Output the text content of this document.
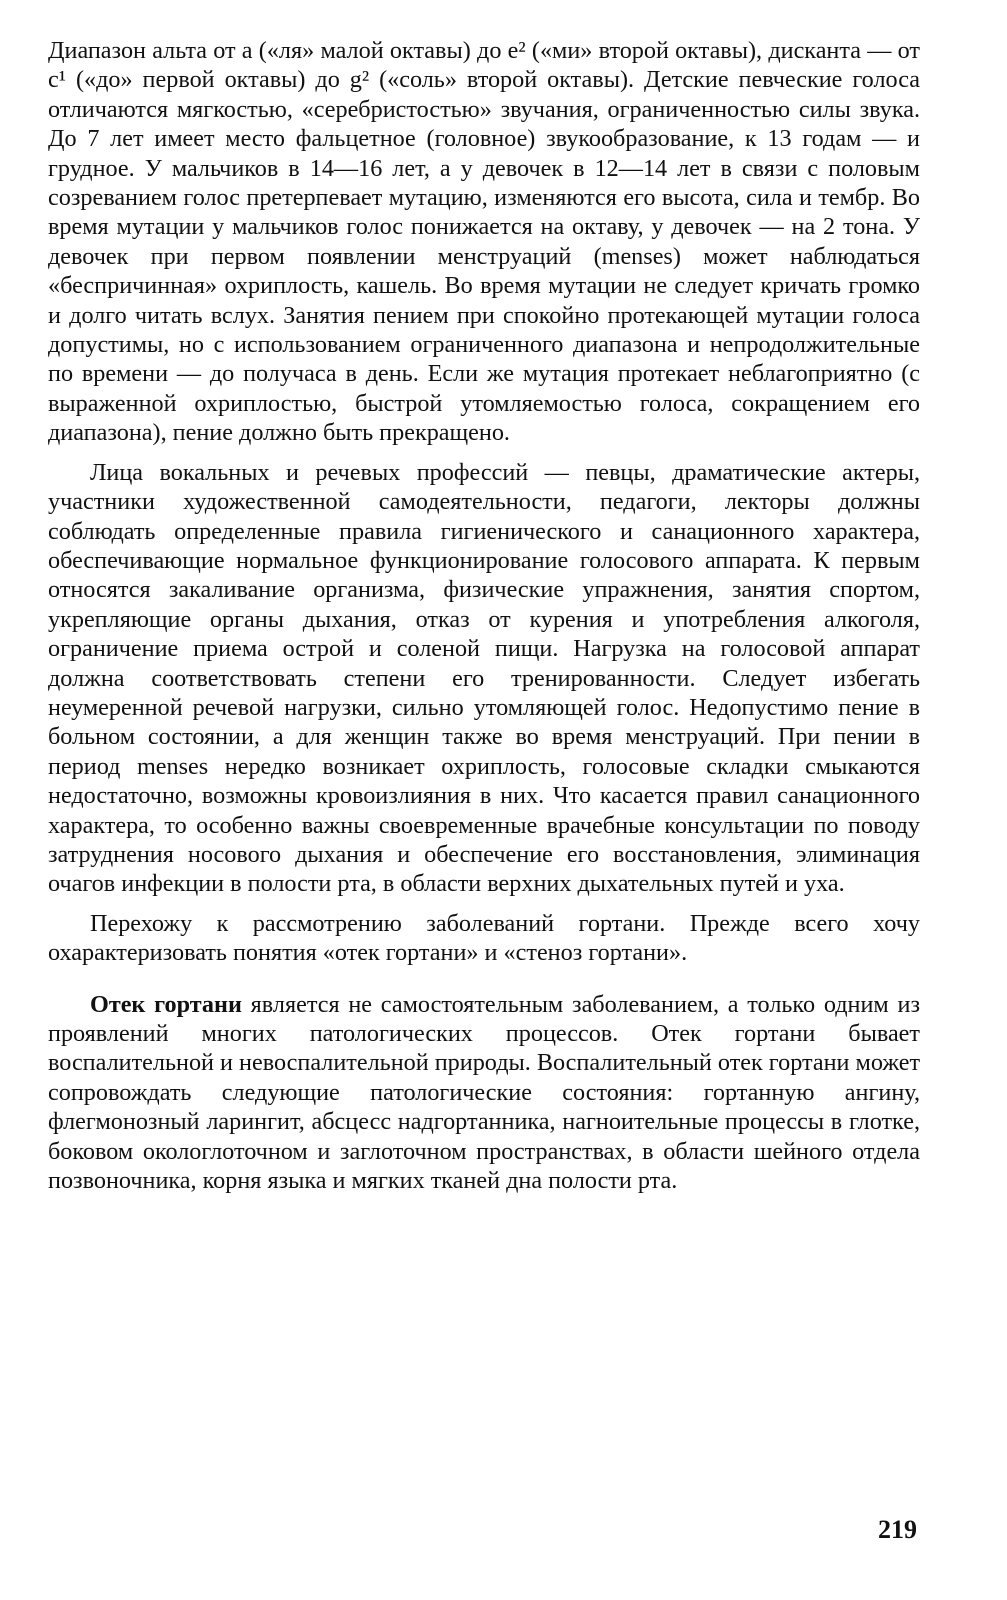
Диапазон альта от a («ля» малой октавы) до e² («ми» второй октавы), дисканта — от c¹ («до» первой октавы) до g² («соль» второй октавы). Детские певческие голоса отличаются мягкостью, «серебристостью» звучания, ограниченностью силы звука. До 7 лет имеет место фальцетное (головное) звукообразование, к 13 годам — и грудное. У мальчиков в 14—16 лет, а у девочек в 12—14 лет в связи с половым созреванием голос претерпевает мутацию, изменяются его высота, сила и тембр. Во время мутации у мальчиков голос понижается на октаву, у девочек — на 2 тона. У девочек при первом появлении менструаций (menses) может наблюдаться «беспричинная» охриплость, кашель. Во время мутации не следует кричать громко и долго читать вслух. Занятия пением при спокойно протекающей мутации голоса допустимы, но с использованием ограниченного диапазона и непродолжительные по времени — до получаса в день. Если же мутация протекает неблагоприятно (с выраженной охриплостью, быстрой утомляемостью голоса, сокращением его диапазона), пение должно быть прекращено.

Лица вокальных и речевых профессий — певцы, драматические актеры, участники художественной самодеятельности, педагоги, лекторы должны соблюдать определенные правила гигиенического и санационного характера, обеспечивающие нормальное функционирование голосового аппарата. К первым относятся закаливание организма, физические упражнения, занятия спортом, укрепляющие органы дыхания, отказ от курения и употребления алкоголя, ограничение приема острой и соленой пищи. Нагрузка на голосовой аппарат должна соответствовать степени его тренированности. Следует избегать неумеренной речевой нагрузки, сильно утомляющей голос. Недопустимо пение в больном состоянии, а для женщин также во время менструаций. При пении в период menses нередко возникает охриплость, голосовые складки смыкаются недостаточно, возможны кровоизлияния в них. Что касается правил санационного характера, то особенно важны своевременные врачебные консультации по поводу затруднения носового дыхания и обеспечение его восстановления, элиминация очагов инфекции в полости рта, в области верхних дыхательных путей и уха.

Перехожу к рассмотрению заболеваний гортани. Прежде всего хочу охарактеризовать понятия «отек гортани» и «стеноз гортани».

Отек гортани является не самостоятельным заболеванием, а только одним из проявлений многих патологических процессов. Отек гортани бывает воспалительной и невоспалительной природы. Воспалительный отек гортани может сопровождать следующие патологические состояния: гортанную ангину, флегмонозный ларингит, абсцесс надгортанника, нагноительные процессы в глотке, боковом окологлоточном и заглоточном пространствах, в области шейного отдела позвоночника, корня языка и мягких тканей дна полости рта.

219
